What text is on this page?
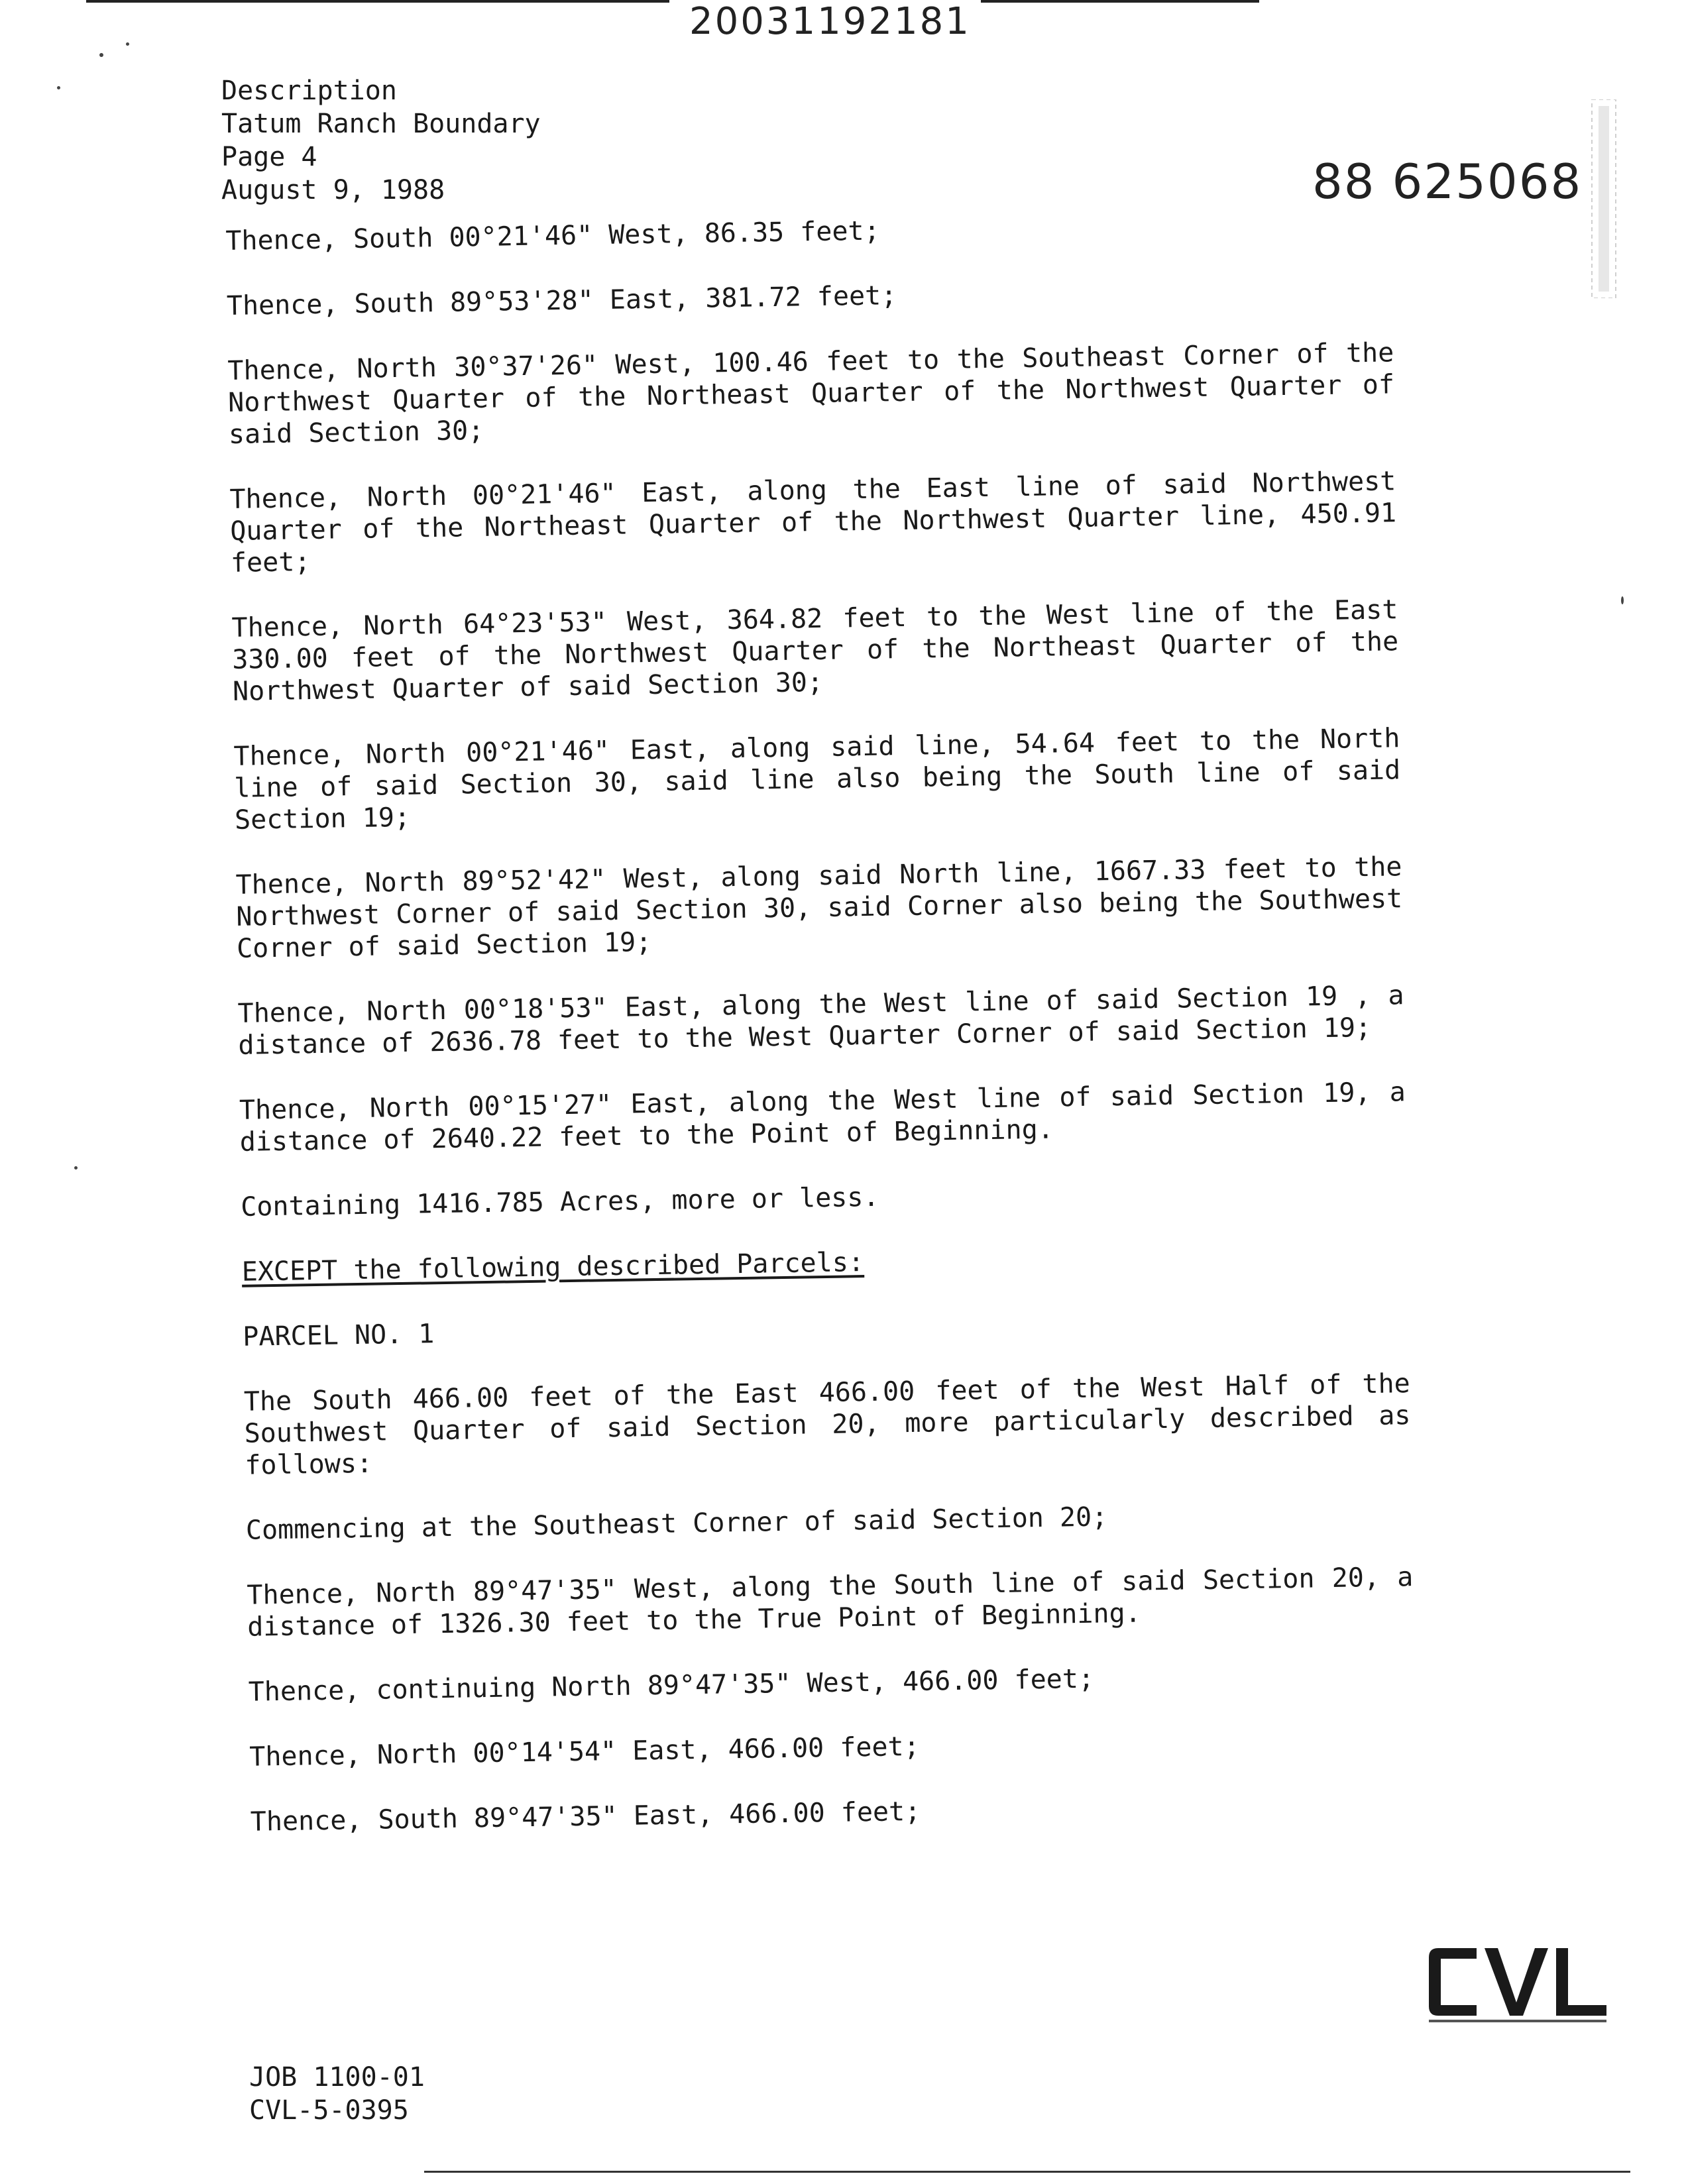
20031192181
88 625068
Description
Tatum Ranch Boundary
Page 4
August 9, 1988

Thence, South 00°21'46" West, 86.35 feet;

Thence, South 89°53'28" East, 381.72 feet;

Thence, North 30°37'26" West, 100.46 feet to the Southeast Corner of the Northwest Quarter of the Northeast Quarter of the Northwest Quarter of said Section 30;

Thence, North 00°21'46" East, along the East line of said Northwest Quarter of the Northeast Quarter of the Northwest Quarter line, 450.91 feet;

Thence, North 64°23'53" West, 364.82 feet to the West line of the East 330.00 feet of the Northwest Quarter of the Northeast Quarter of the Northwest Quarter of said Section 30;

Thence, North 00°21'46" East, along said line, 54.64 feet to the North line of said Section 30, said line also being the South line of said Section 19;

Thence, North 89°52'42" West, along said North line, 1667.33 feet to the Northwest Corner of said Section 30, said Corner also being the Southwest Corner of said Section 19;

Thence, North 00°18'53" East, along the West line of said Section 19 , a distance of 2636.78 feet to the West Quarter Corner of said Section 19;

Thence, North 00°15'27" East, along the West line of said Section 19, a distance of 2640.22 feet to the Point of Beginning.

Containing 1416.785 Acres, more or less.

EXCEPT the following described Parcels:

PARCEL NO. 1

The South 466.00 feet of the East 466.00 feet of the West Half of the Southwest Quarter of said Section 20, more particularly described as follows:

Commencing at the Southeast Corner of said Section 20;

Thence, North 89°47'35" West, along the South line of said Section 20, a distance of 1326.30 feet to the True Point of Beginning.

Thence, continuing North 89°47'35" West, 466.00 feet;

Thence, North 00°14'54" East, 466.00 feet;

Thence, South 89°47'35" East, 466.00 feet;

JOB 1100-01
CVL-5-0395
